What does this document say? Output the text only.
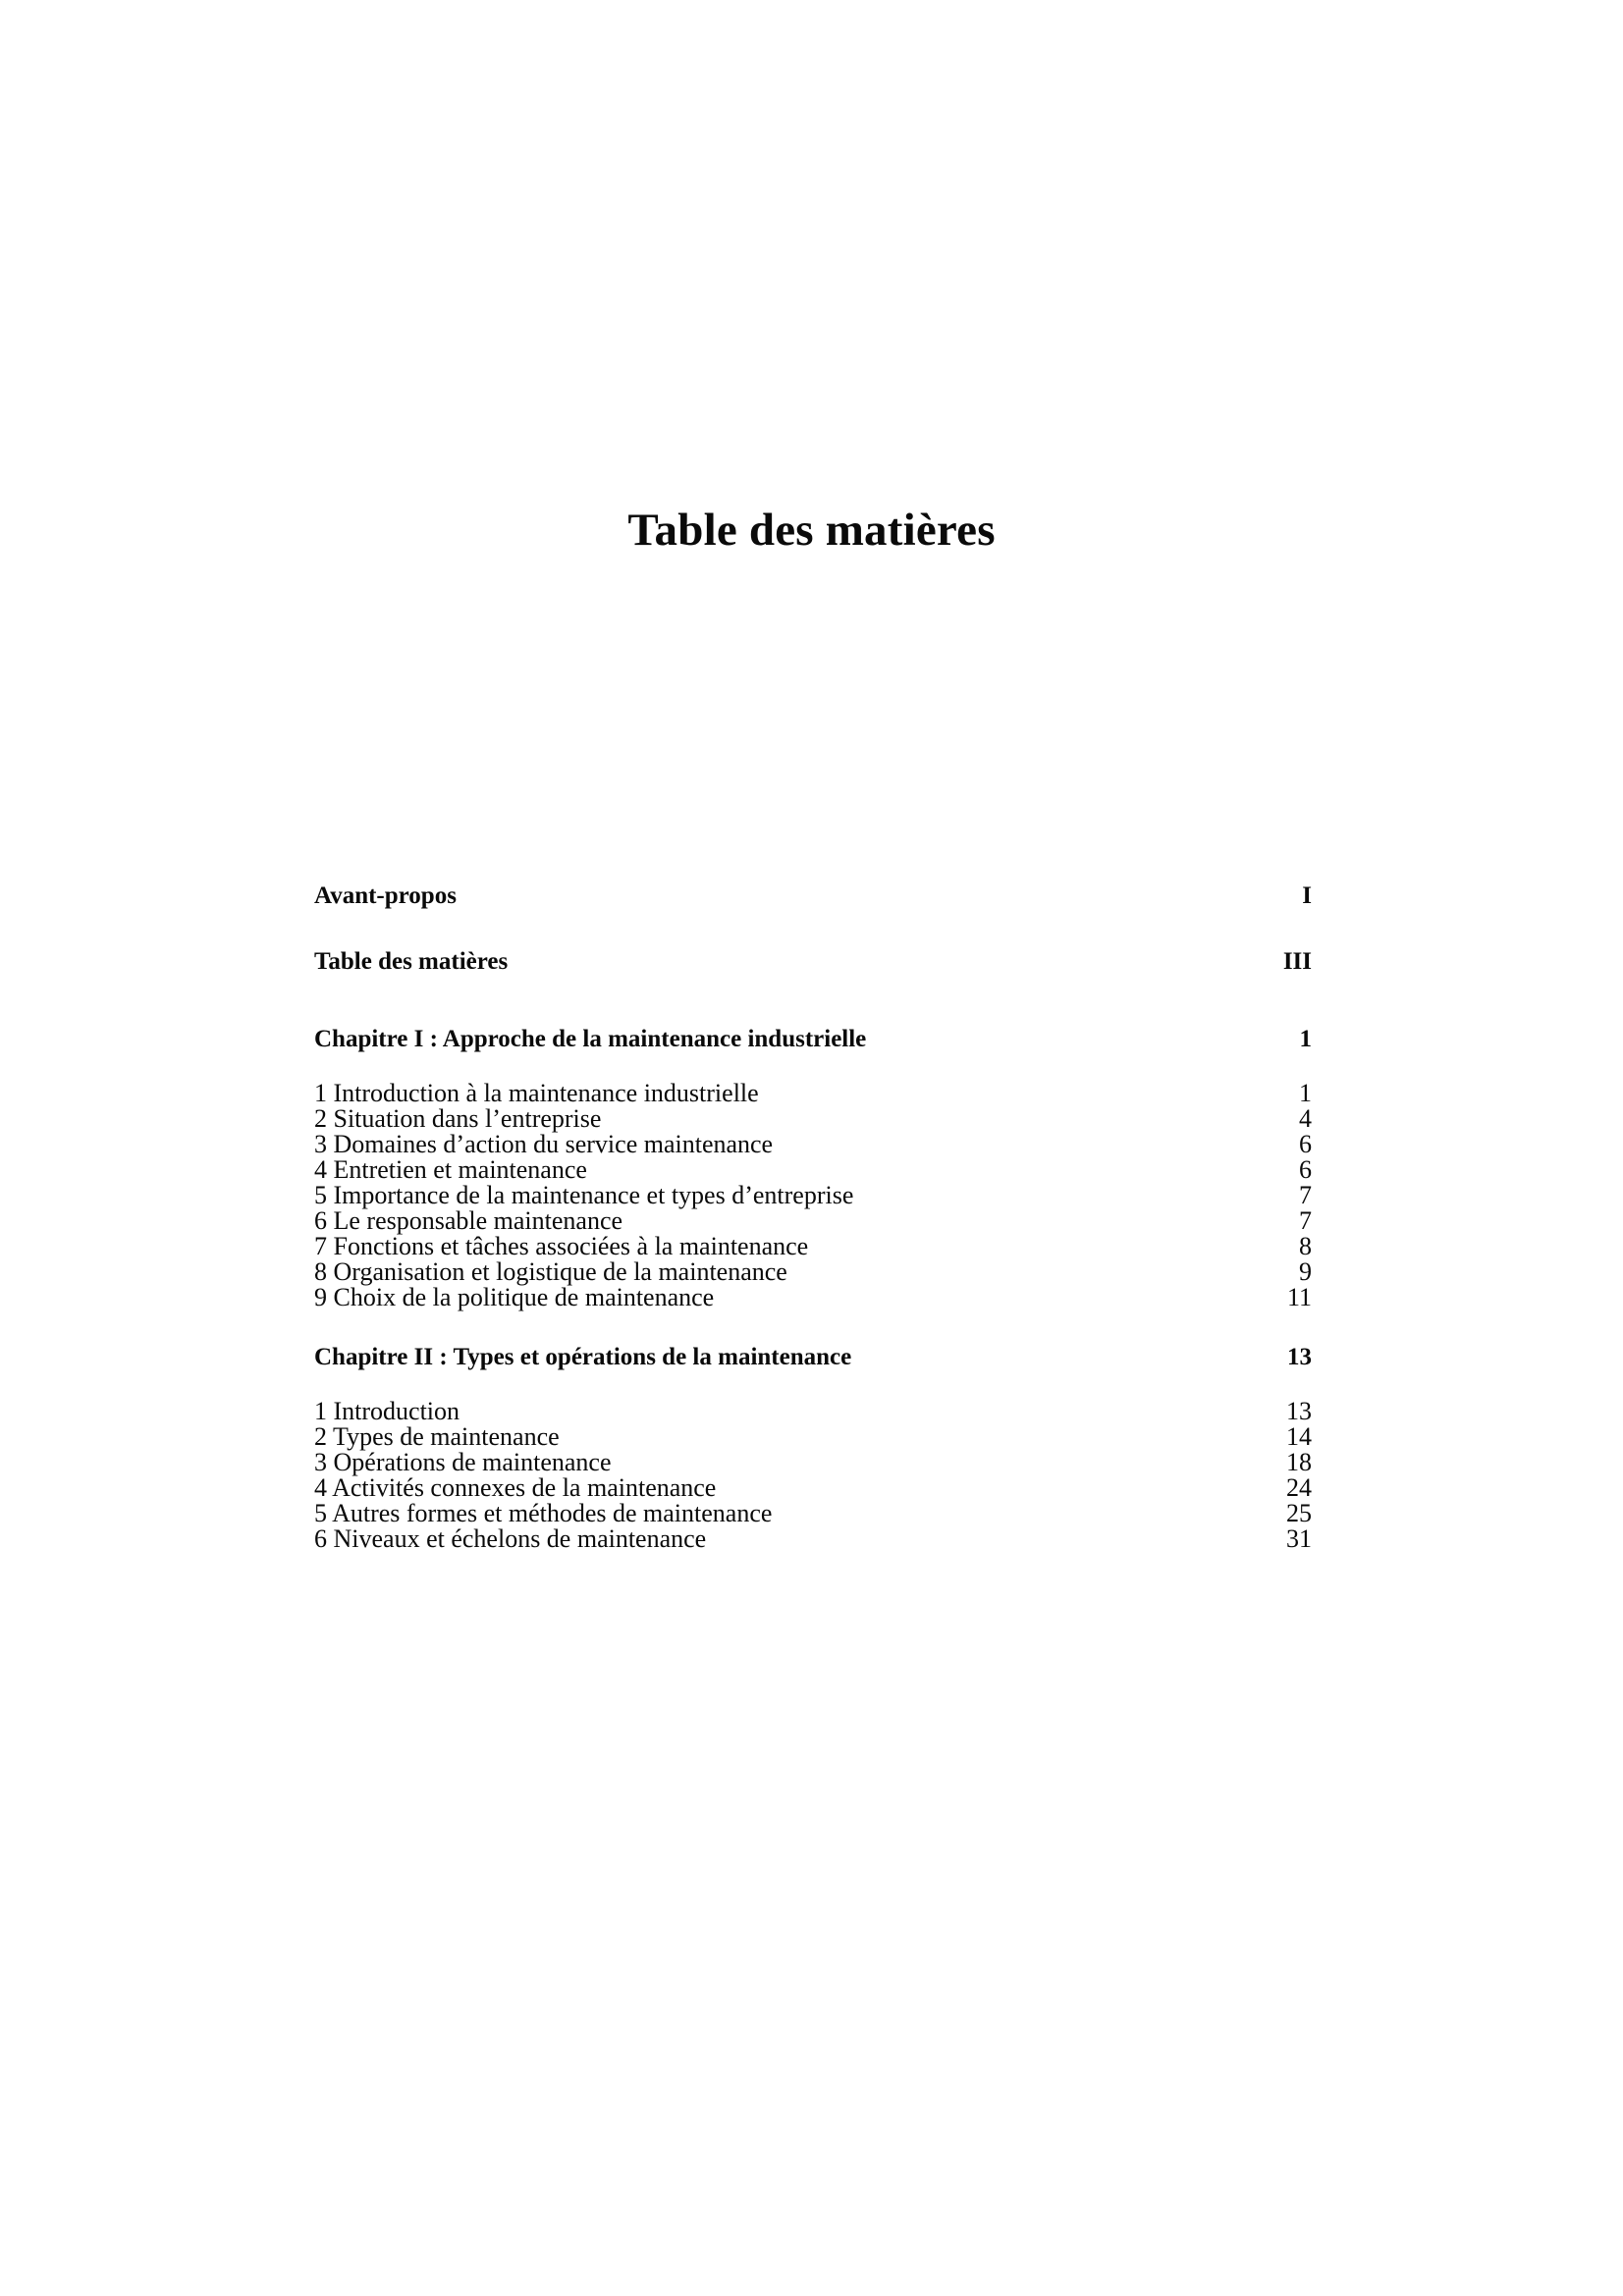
Table des matières
Avant-propos	I
Table des matières	III
Chapitre I : Approche de la maintenance industrielle	1
1 Introduction à la maintenance industrielle	1
2 Situation dans l’entreprise	4
3 Domaines d’action du service maintenance	6
4 Entretien et maintenance	6
5 Importance de la maintenance et types d’entreprise	7
6 Le responsable maintenance	7
7 Fonctions et tâches associées à la maintenance	8
8 Organisation et logistique de la maintenance	9
9 Choix de la politique de maintenance	11
Chapitre II : Types et opérations de la maintenance	13
1 Introduction	13
2 Types de maintenance	14
3 Opérations de maintenance	18
4 Activités connexes de la maintenance	24
5 Autres formes et méthodes de maintenance	25
6 Niveaux et échelons de maintenance	31
